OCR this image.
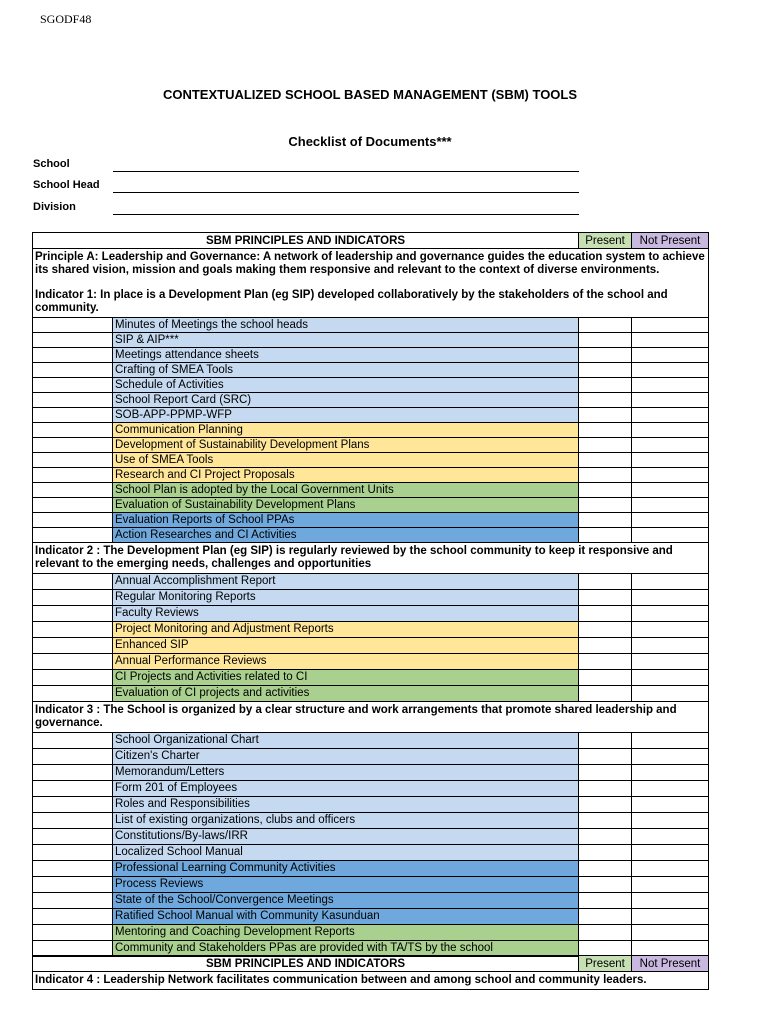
SGODF48
CONTEXTUALIZED SCHOOL BASED MANAGEMENT (SBM) TOOLS
Checklist of Documents***
School
School Head
Division
SBM PRINCIPLES AND INDICATORS		Present	Not Present

Principle A: Leadership and Governance: A network of leadership and governance guides the education system to achieve its shared vision, mission and goals making them responsive and relevant to the context of diverse environments.
Indicator 1: In place is a Development Plan (eg SIP) developed collaboratively by the stakeholders of the school and community.			

	Minutes of Meetings the school heads		
	SIP & AIP***		
	Meetings attendance sheets		
	Crafting of SMEA Tools		
	Schedule of Activities		
	School Report Card (SRC)		
	SOB-APP-PPMP-WFP		
	Communication Planning		
	Development of Sustainability Development Plans		
	Use of SMEA Tools		
	Research and CI Project Proposals		
	School Plan is adopted by the Local Government Units		
	Evaluation of Sustainability Development Plans		
	Evaluation Reports of School PPAs		
	Action Researches and CI Activities		
Indicator 2 : The Development Plan (eg SIP) is regularly reviewed by the school community to keep it responsive and relevant to the emerging needs, challenges and opportunities			
	Annual Accomplishment Report		
	Regular Monitoring Reports		
	Faculty Reviews		
	Project Monitoring and Adjustment Reports		
	Enhanced SIP		
	Annual Performance Reviews		
	CI Projects and Activities related to CI		
	Evaluation of CI projects and activities		
Indicator 3 : The School is organized by a clear structure and work arrangements that promote shared leadership and governance.			
	School Organizational Chart		
	Citizen's Charter		
	Memorandum/Letters		
	Form 201 of Employees		
	Roles and Responsibilities		
	List of existing organizations, clubs and officers		
	Constitutions/By-laws/IRR		
	Localized School Manual		
	Professional Learning Community Activities		
	Process Reviews		
	State of the School/Convergence Meetings		
	Ratified School Manual with Community Kasunduan		
	Mentoring and Coaching Development Reports		
	Community and Stakeholders PPas are provided with TA/TS by the school		
SBM PRINCIPLES AND INDICATORS	Present	Not Present
Indicator 4 : Leadership Network facilitates communication between and among school and community leaders.
